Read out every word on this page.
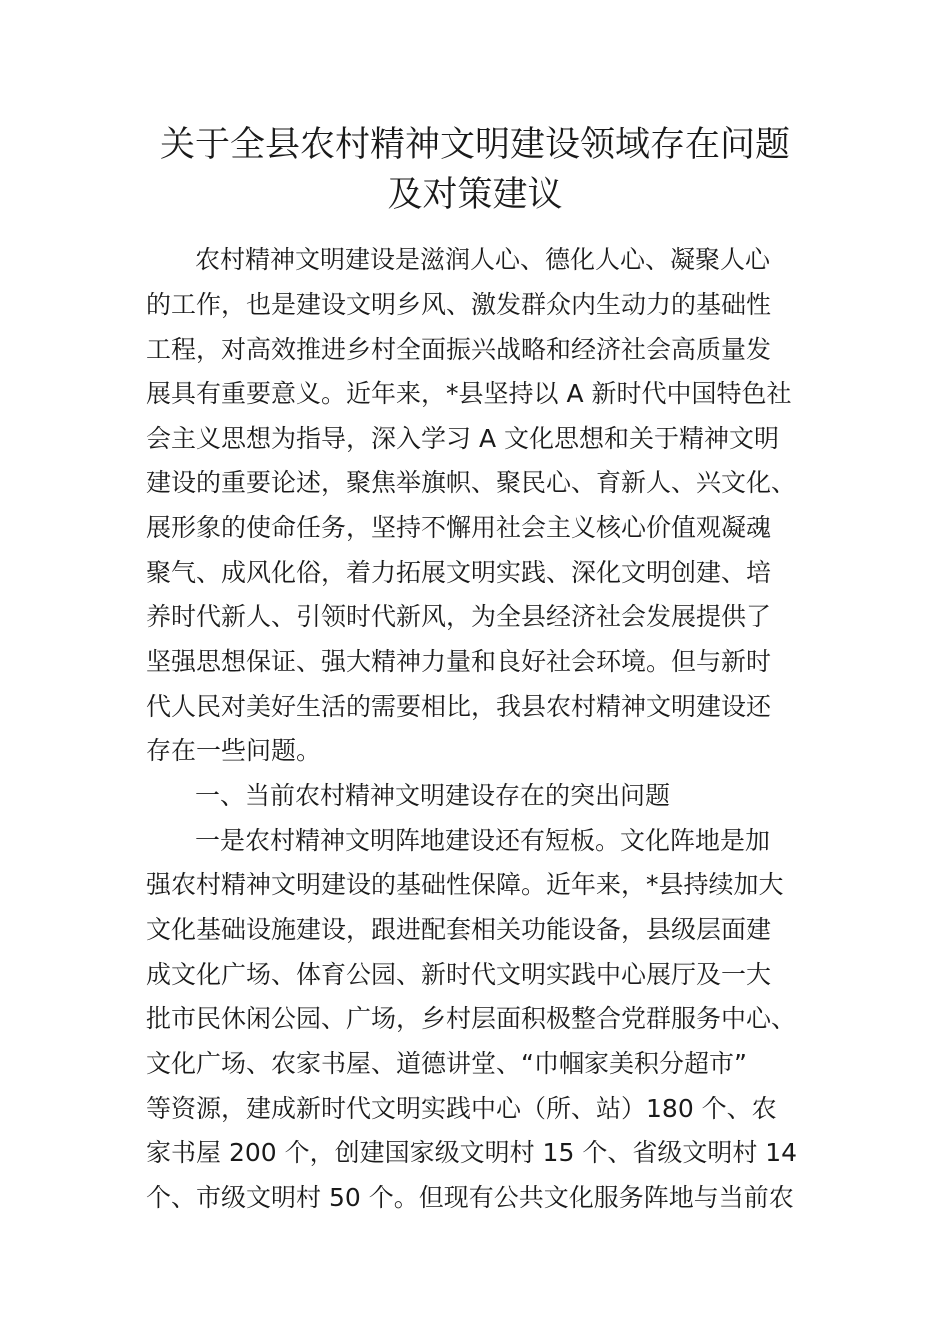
关于全县农村精神文明建设领域存在问题
及对策建议

农村精神文明建设是滋润人心、德化人心、凝聚人心

的工作，也是建设文明乡风、激发群众内生动力的基础性

工程，对高效推进乡村全面振兴战略和经济社会高质量发

展具有重要意义。近年来，*县坚持以 A 新时代中国特色社

会主义思想为指导，深入学习 A 文化思想和关于精神文明

建设的重要论述，聚焦举旗帜、聚民心、育新人、兴文化、

展形象的使命任务，坚持不懈用社会主义核心价值观凝魂

聚气、成风化俗，着力拓展文明实践、深化文明创建、培

养时代新人、引领时代新风，为全县经济社会发展提供了

坚强思想保证、强大精神力量和良好社会环境。但与新时

代人民对美好生活的需要相比，我县农村精神文明建设还

存在一些问题。

一、当前农村精神文明建设存在的突出问题

一是农村精神文明阵地建设还有短板。文化阵地是加

强农村精神文明建设的基础性保障。近年来，*县持续加大

文化基础设施建设，跟进配套相关功能设备，县级层面建

成文化广场、体育公园、新时代文明实践中心展厅及一大

批市民休闲公园、广场，乡村层面积极整合党群服务中心、

文化广场、农家书屋、道德讲堂、“巾帼家美积分超市”

等资源，建成新时代文明实践中心（所、站）180 个、农

家书屋 200 个，创建国家级文明村 15 个、省级文明村 14

个、市级文明村 50 个。但现有公共文化服务阵地与当前农
